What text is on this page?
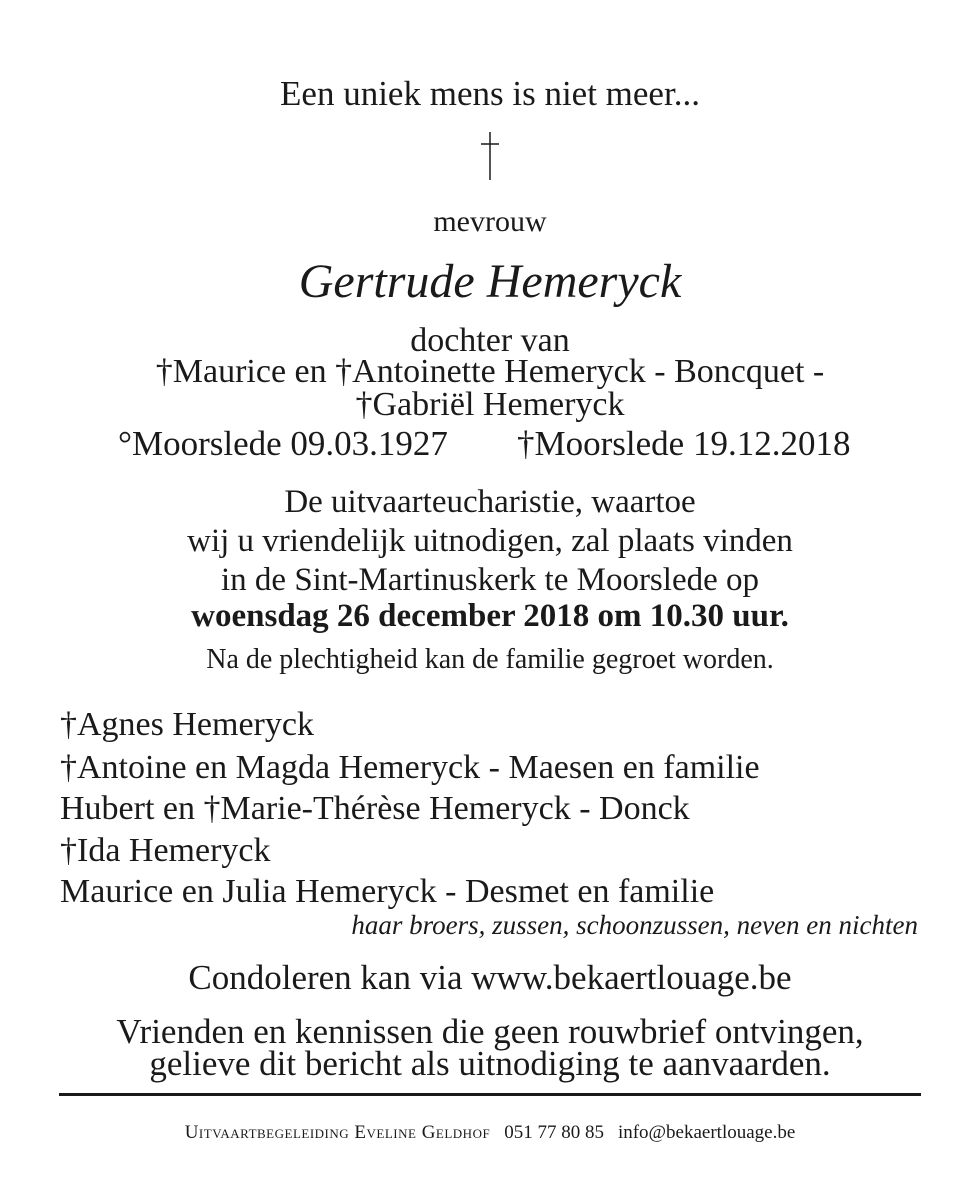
Een uniek mens is niet meer...
mevrouw
Gertrude Hemeryck
dochter van
†Maurice en †Antoinette Hemeryck - Boncquet -
†Gabriël Hemeryck
°Moorslede 09.03.1927 †Moorslede 19.12.2018
De uitvaarteucharistie, waartoe
wij u vriendelijk uitnodigen, zal plaats vinden
in de Sint-Martinuskerk te Moorslede op
woensdag 26 december 2018 om 10.30 uur.
Na de plechtigheid kan de familie gegroet worden.
†Agnes Hemeryck
†Antoine en Magda Hemeryck - Maesen en familie
Hubert en †Marie-Thérèse Hemeryck - Donck
†Ida Hemeryck
Maurice en Julia Hemeryck - Desmet en familie
haar broers, zussen, schoonzussen, neven en nichten
Condoleren kan via www.bekaertlouage.be
Vrienden en kennissen die geen rouwbrief ontvingen,
gelieve dit bericht als uitnodiging te aanvaarden.
Uitvaartbegeleiding Eveline Geldhof 051 77 80 85 info@bekaertlouage.be
